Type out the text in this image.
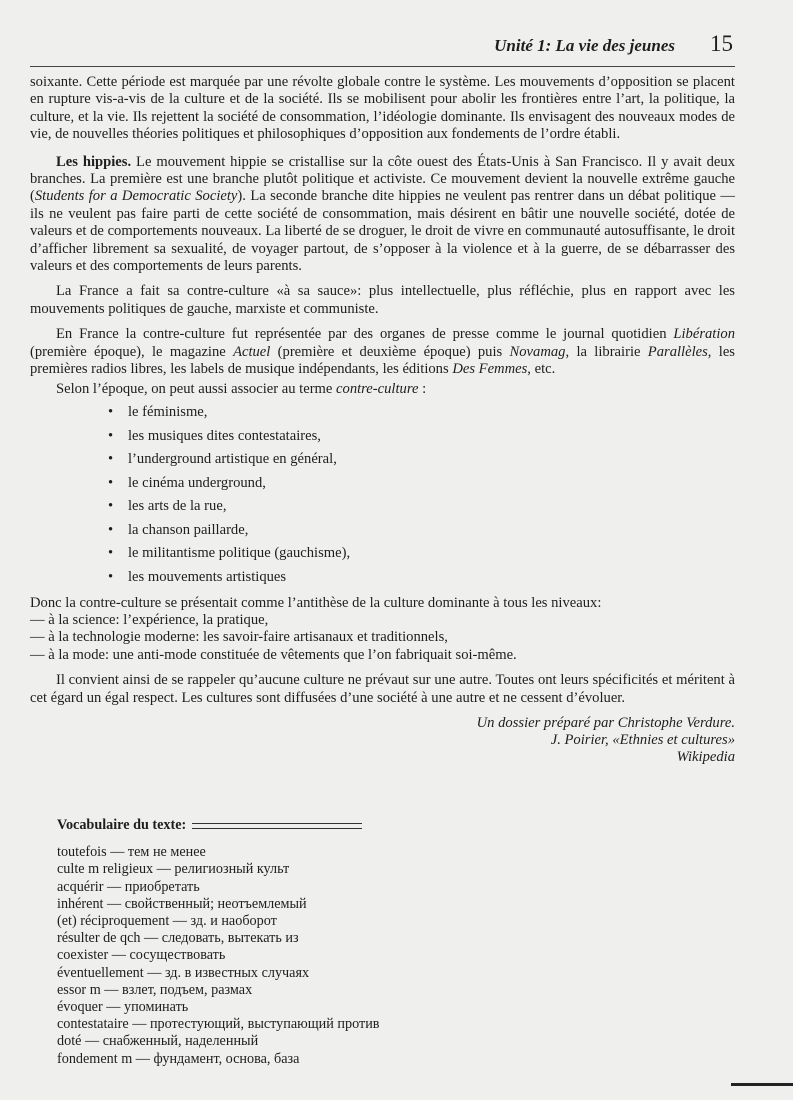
Unité 1: La vie des jeunes 15

soixante. Cette période est marquée par une révolte globale contre le système. Les mouvements d’opposition se placent en rupture vis-a-vis de la culture et de la société. Ils se mobilisent pour abolir les frontières entre l’art, la politique, la culture, et la vie. Ils rejettent la société de consommation, l’idéologie dominante. Ils envisagent des nouveaux modes de vie, de nouvelles théories politiques et philosophiques d’opposition aux fondements de l’ordre établi.

Les hippies. Le mouvement hippie se cristallise sur la côte ouest des États-Unis à San Francisco. Il y avait deux branches. La première est une branche plutôt politique et activiste. Ce mouvement devient la nouvelle extrême gauche (Students for a Democratic Society). La seconde branche dite hippies ne veulent pas rentrer dans un débat politique — ils ne veulent pas faire parti de cette société de consommation, mais désirent en bâtir une nouvelle société, dotée de valeurs et de comportements nouveaux. La liberté de se droguer, le droit de vivre en communauté autosuffisante, le droit d’afficher librement sa sexualité, de voyager partout, de s’opposer à la violence et à la guerre, de se débarrasser des valeurs et des comportements de leurs parents.

La France a fait sa contre-culture «à sa sauce»: plus intellectuelle, plus réfléchie, plus en rapport avec les mouvements politiques de gauche, marxiste et communiste.

En France la contre-culture fut représentée par des organes de presse comme le journal quotidien Libération (première époque), le magazine Actuel (première et deuxième époque) puis Novamag, la librairie Parallèles, les premières radios libres, les labels de musique indépendants, les éditions Des Femmes, etc.

Selon l’époque, on peut aussi associer au terme contre-culture :

• le féminisme,
• les musiques dites contestataires,
• l’underground artistique en général,
• le cinéma underground,
• les arts de la rue,
• la chanson paillarde,
• le militantisme politique (gauchisme),
• les mouvements artistiques

Donc la contre-culture se présentait comme l’antithèse de la culture dominante à tous les niveaux:

— à la science: l’expérience, la pratique,

— à la technologie moderne: les savoir-faire artisanaux et traditionnels,

— à la mode: une anti-mode constituée de vêtements que l’on fabriquait soi-même.

Il convient ainsi de se rappeler qu’aucune culture ne prévaut sur une autre. Toutes ont leurs spécificités et méritent à cet égard un égal respect. Les cultures sont diffusées d’une société à une autre et ne cessent d’évoluer.

Un dossier préparé par Christophe Verdure.
J. Poirier, «Ethnies et cultures»
Wikipedia
Vocabulaire du texte:
toutefois — тем не менее
culte m religieux — религиозный культ
acquérir — приобретать
inhérent — свойственный; неотъемлемый
(et) réciproquement — зд. и наоборот
résulter de qch — следовать, вытекать из
coexister — сосуществовать
éventuellement — зд. в известных случаях
essor m — взлет, подъем, размах
évoquer — упоминать
contestataire — протестующий, выступающий против
doté — снабженный, наделенный
fondement m — фундамент, основа, база
